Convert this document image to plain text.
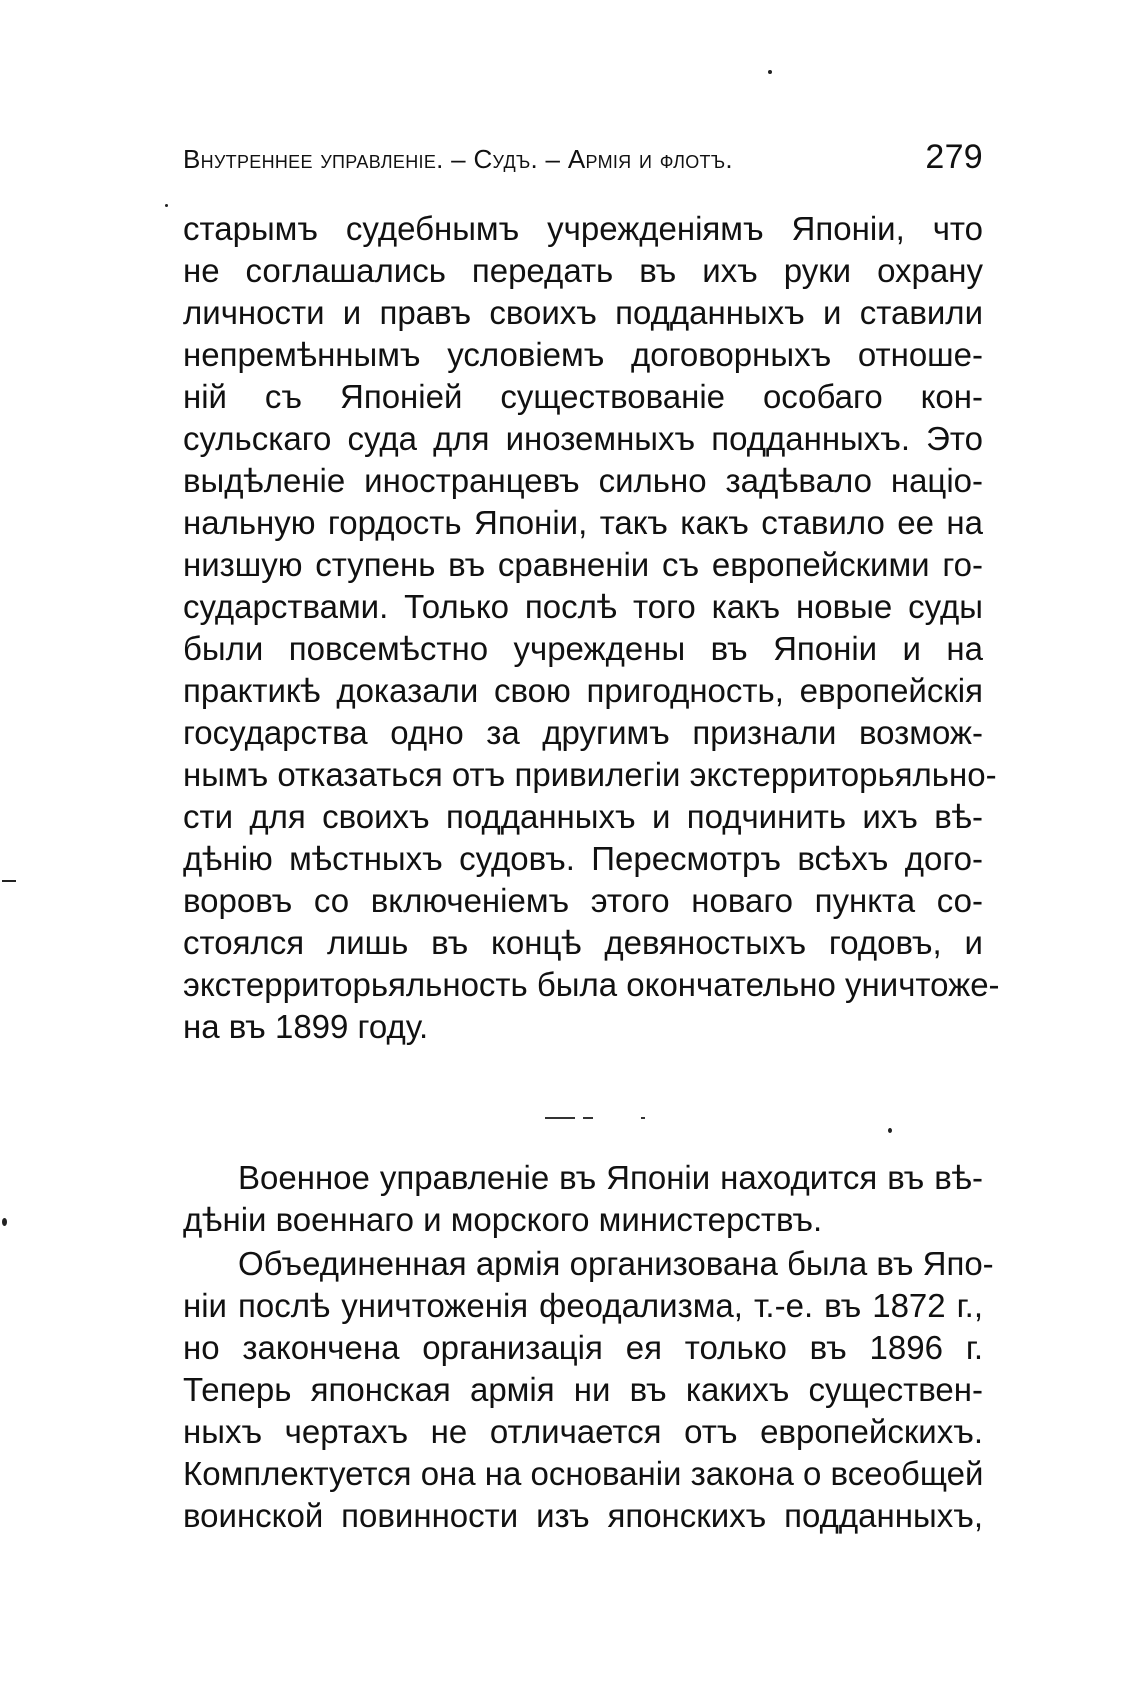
Внутреннее управленіе. – Судъ. – Армія и флотъ.	279
старымъ судебнымъ учрежденіямъ Японіи, что
не соглашались передать въ ихъ руки охрану
личности и правъ своихъ подданныхъ и ставили
непремѣннымъ условіемъ договорныхъ отноше-
ній съ Японіей существованіе особаго кон-
сульскаго суда для иноземныхъ подданныхъ. Это
выдѣленіе иностранцевъ сильно задѣвало націо-
нальную гордость Японіи, такъ какъ ставило ее на
низшую ступень въ сравненіи съ европейскими го-
сударствами. Только послѣ того какъ новые суды
были повсемѣстно учреждены въ Японіи и на
практикѣ доказали свою пригодность, европейскія
государства одно за другимъ признали возмож-
нымъ отказаться отъ привилегіи экстерриторьяльно-
сти для своихъ подданныхъ и подчинить ихъ вѣ-
дѣнію мѣстныхъ судовъ. Пересмотръ всѣхъ дого-
воровъ со включеніемъ этого новаго пункта со-
стоялся лишь въ концѣ девяностыхъ годовъ, и
экстерриторьяльность была окончательно уничтоже-
на въ 1899 году.
Военное управленіе въ Японіи находится въ вѣ-
дѣніи военнаго и морского министерствъ.
Объединенная армія организована была въ Япо-
ніи послѣ уничтоженія феодализма, т.-е. въ 1872 г.,
но закончена организація ея только въ 1896 г.
Теперь японская армія ни въ какихъ существен-
ныхъ чертахъ не отличается отъ европейскихъ.
Комплектуется она на основаніи закона о всеобщей
воинской повинности изъ японскихъ подданныхъ,
